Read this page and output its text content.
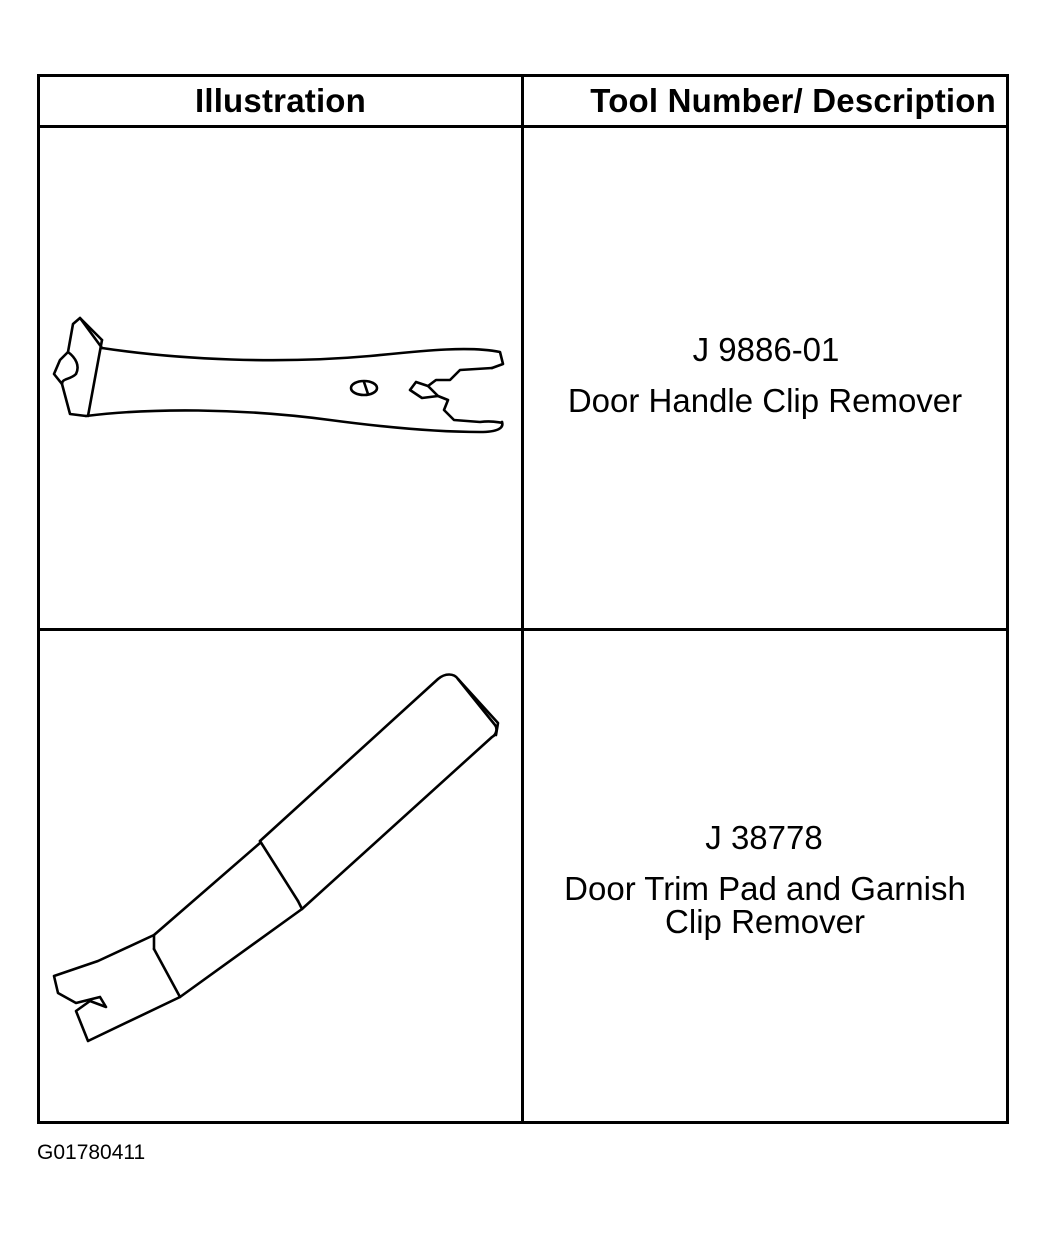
Illustration	Tool Number/ Description

J 9886-01
Door Handle Clip Remover

J 38778
Door Trim Pad and Garnish
Clip Remover
G01780411
